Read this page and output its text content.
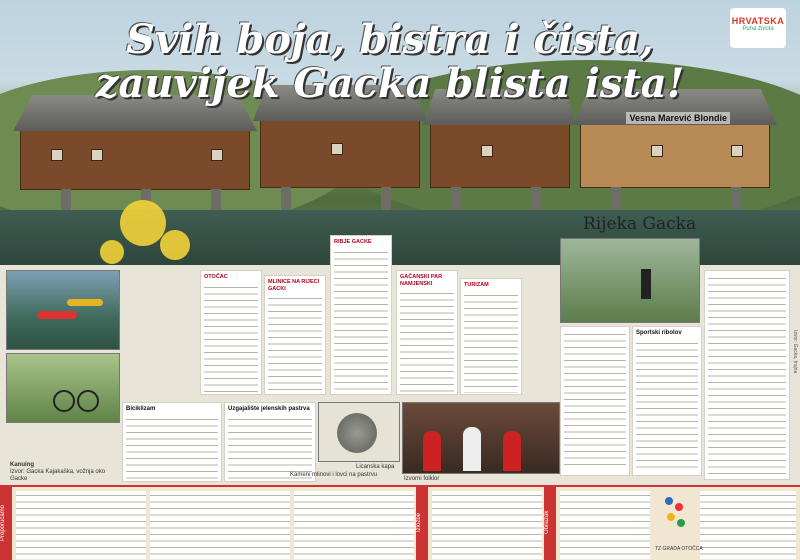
Svih boja, bistra i čista,
zauvijek Gacka blista ista!
Vesna Marević Blondie
HRVATSKA
Puna života
Kanuing
Izvor: Gacka Kajakaška, vožnja oko Gacke
Biciklizam
OTOČAC
MLINICE NA RIJECI GACKI
RIBJE GACKE
GAČANSKI PAR NAMJENSKI	TURIZAM
Uzgajalište jelenskih pastrva
Licanska kapa
Kameni mlinovi i lovci na pastrvu
Izvorni folklor
Rijeka Gacka
Sportski ribolov	Izvor: Gacka, trajna
Preporučamo	Izložbe	Obilazak
TZ GRADA OTOČCA
